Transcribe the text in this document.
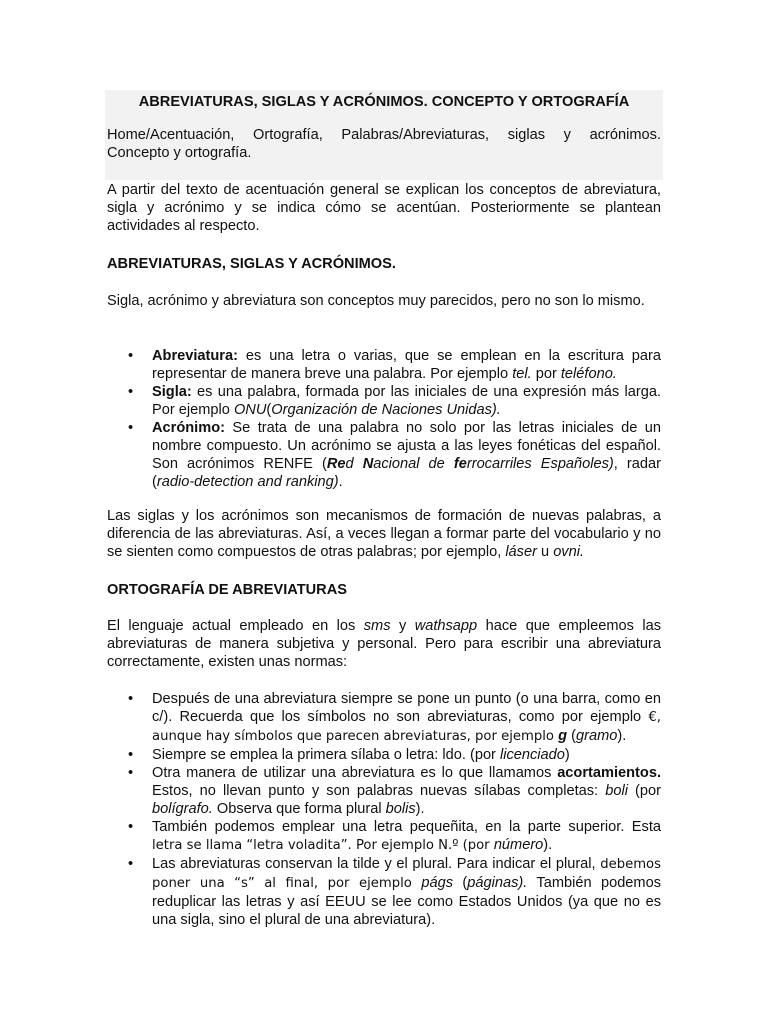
ABREVIATURAS, SIGLAS Y ACRÓNIMOS. CONCEPTO Y ORTOGRAFÍA
Home/Acentuación, Ortografía, Palabras/Abreviaturas, siglas y acrónimos.
Concepto y ortografía.

A partir del texto de acentuación general se explican los conceptos de abreviatura, sigla y acrónimo y se indica cómo se acentúan. Posteriormente se plantean actividades al respecto.

ABREVIATURAS, SIGLAS Y ACRÓNIMOS.

Sigla, acrónimo y abreviatura son conceptos muy parecidos, pero no son lo mismo.

• Abreviatura: es una letra o varias, que se emplean en la escritura para representar de manera breve una palabra. Por ejemplo tel. por teléfono.
• Sigla: es una palabra, formada por las iniciales de una expresión más larga. Por ejemplo ONU(Organización de Naciones Unidas).
• Acrónimo: Se trata de una palabra no solo por las letras iniciales de un nombre compuesto. Un acrónimo se ajusta a las leyes fonéticas del español. Son acrónimos RENFE (Red Nacional de ferrocarriles Españoles), radar (radio-detection and ranking).

Las siglas y los acrónimos son mecanismos de formación de nuevas palabras, a diferencia de las abreviaturas. Así, a veces llegan a formar parte del vocabulario y no se sienten como compuestos de otras palabras; por ejemplo, láser u ovni.

ORTOGRAFÍA DE ABREVIATURAS

El lenguaje actual empleado en los sms y wathsapp hace que empleemos las abreviaturas de manera subjetiva y personal. Pero para escribir una abreviatura correctamente, existen unas normas:

• Después de una abreviatura siempre se pone un punto (o una barra, como en c/). Recuerda que los símbolos no son abreviaturas, como por ejemplo €, aunque hay símbolos que parecen abreviaturas, por ejemplo g (gramo).
• Siempre se emplea la primera sílaba o letra: ldo. (por licenciado)
• Otra manera de utilizar una abreviatura es lo que llamamos acortamientos. Estos, no llevan punto y son palabras nuevas sílabas completas: boli (por bolígrafo. Observa que forma plural bolis).
• También podemos emplear una letra pequeñita, en la parte superior. Esta letra se llama “letra voladita”. Por ejemplo N.º (por número).
• Las abreviaturas conservan la tilde y el plural. Para indicar el plural, debemos poner una “s” al final, por ejemplo págs (páginas). También podemos reduplicar las letras y así EEUU se lee como Estados Unidos (ya que no es una sigla, sino el plural de una abreviatura).
